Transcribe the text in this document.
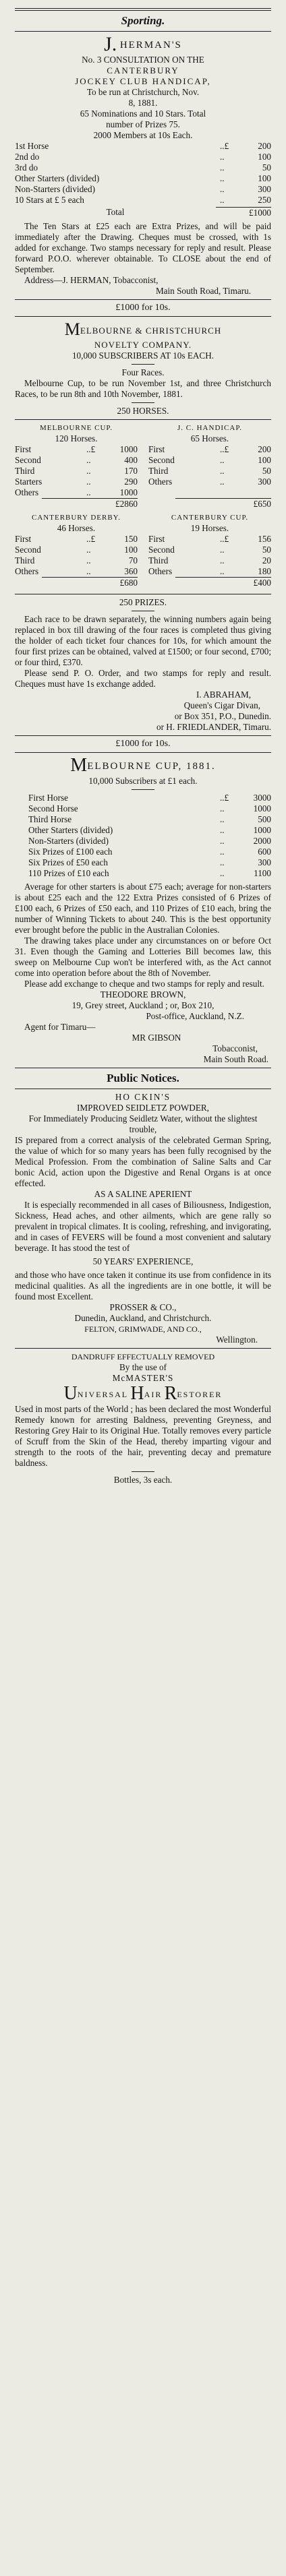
Sporting.
J. HERMAN'S
No. 3 CONSULTATION ON THE
CANTERBURY
JOCKEY CLUB HANDICAP,
To be run at Christchurch, Nov.
8, 1881.
65 Nominations and 10 Stars. Total
number of Prizes 75.
2000 Members at 10s Each.
1st Horse	..£	200
2nd do	..	100
3rd do	..	50
Other Starters (divided)	..	100
Non-Starters (divided)	..	300
10 Stars at £ 5 each	..	250
Total	£1000
The Ten Stars at £25 each are Extra Prizes, and will be paid immediately after the Drawing. Cheques must be crossed, with 1s added for exchange. Two stamps necessary for reply and result. Please forward P.O.O. wherever obtainable. To CLOSE about the end of September.
Address—J. HERMAN, Tobacconist,
Main South Road, Timaru.
£1000 for 10s.
MELBOURNE & CHRISTCHURCH
NOVELTY COMPANY.
10,000 SUBSCRIBERS AT 10s EACH.
Four Races.
Melbourne Cup, to be run November 1st, and three Christchurch Races, to be run 8th and 10th November, 1881.
250 HORSES.
MELBOURNE CUP.
120 Horses.
First	..£	1000
Second	..	400
Third	..	170
Starters	..	290
Others	..	1000
£2860
J. C. HANDICAP.
65 Horses.
First	..£	200
Second	..	100
Third	..	50
Others	..	300
£650
CANTERBURY DERBY.
46 Horses.
First	..£	150
Second	..	100
Third	..	70
Others	..	360
£680
CANTERBURY CUP.
19 Horses.
First	..£	156
Second	..	50
Third	..	20
Others	..	180
£400
250 PRIZES.
Each race to be drawn separately, the winning numbers again being replaced in box till drawing of the four races is completed thus giving the holder of each ticket four chances for 10s, for which amount the four first prizes can be obtained, valved at £1500; or four second, £700; or four third, £370.
Please send P. O. Order, and two stamps for reply and result. Cheques must have 1s exchange added.
I. ABRAHAM,
Queen's Cigar Divan,
or Box 351, P.O., Dunedin.
or H. FRIEDLANDER, Timaru.
£1000 for 10s.
MELBOURNE CUP, 1881.
10,000 Subscribers at £1 each.
First Horse	..£	3000
Second Horse	..	1000
Third Horse	..	500
Other Starters (divided)	..	1000
Non-Starters (divided)	..	2000
Six Prizes of £100 each	..	600
Six Prizes of £50 each	..	300
110 Prizes of £10 each	..	1100
Average for other starters is about £75 each; average for non-starters is about £25 each and the 122 Extra Prizes consisted of 6 Prizes of £100 each, 6 Prizes of £50 each, and 110 Prizes of £10 each, bring the number of Winning Tickets to about 240. This is the best opportunity ever brought before the public in the Australian Colonies.
The drawing takes place under any circumstances on or before Oct 31. Even though the Gaming and Lotteries Bill becomes law, this sweep on Melbourne Cup won't be interfered with, as the Act cannot come into operation before about the 8th of November.
Please add exchange to cheque and two stamps for reply and result.
THEODORE BROWN,
19, Grey street, Auckland ; or, Box 210,
Post-office, Auckland, N.Z.
Agent for Timaru—
MR GIBSON
Tobacconist,
Main South Road.
Public Notices.
HO CKIN'S
IMPROVED SEIDLETZ POWDER,
For Immediately Producing Seidletz Water, without the slightest trouble,
IS prepared from a correct analysis of the celebrated German Spring, the value of which for so many years has been fully recognised by the Medical Profession. From the combination of Saline Salts and Car bonic Acid, action upon the Digestive and Renal Organs is at once effected.
AS A SALINE APERIENT
It is especially recommended in all cases of Biliousness, Indigestion, Sickness, Head aches, and other ailments, which are gene rally so prevalent in tropical climates. It is cooling, refreshing, and invigorating, and in cases of FEVERS will be found a most convenient and salutary beverage. It has stood the test of
50 YEARS' EXPERIENCE,
and those who have once taken it continue its use from confidence in its medicinal qualities. As all the ingredients are in one bottle, it will be found most Excellent.
PROSSER & CO.,
Dunedin, Auckland, and Christchurch.
FELTON, GRIMWADE, AND CO.,
Wellington.
DANDRUFF EFFECTUALLY REMOVED
By the use of
McMASTER'S
UNIVERSAL HAIR RESTORER
Used in most parts of the World ; has been declared the most Wonderful Remedy known for arresting Baldness, preventing Greyness, and Restoring Grey Hair to its Original Hue. Totally removes every particle of Scruff from the Skin of the Head, thereby imparting vigour and strength to the roots of the hair, preventing decay and premature baldness.
Bottles, 3s each.
